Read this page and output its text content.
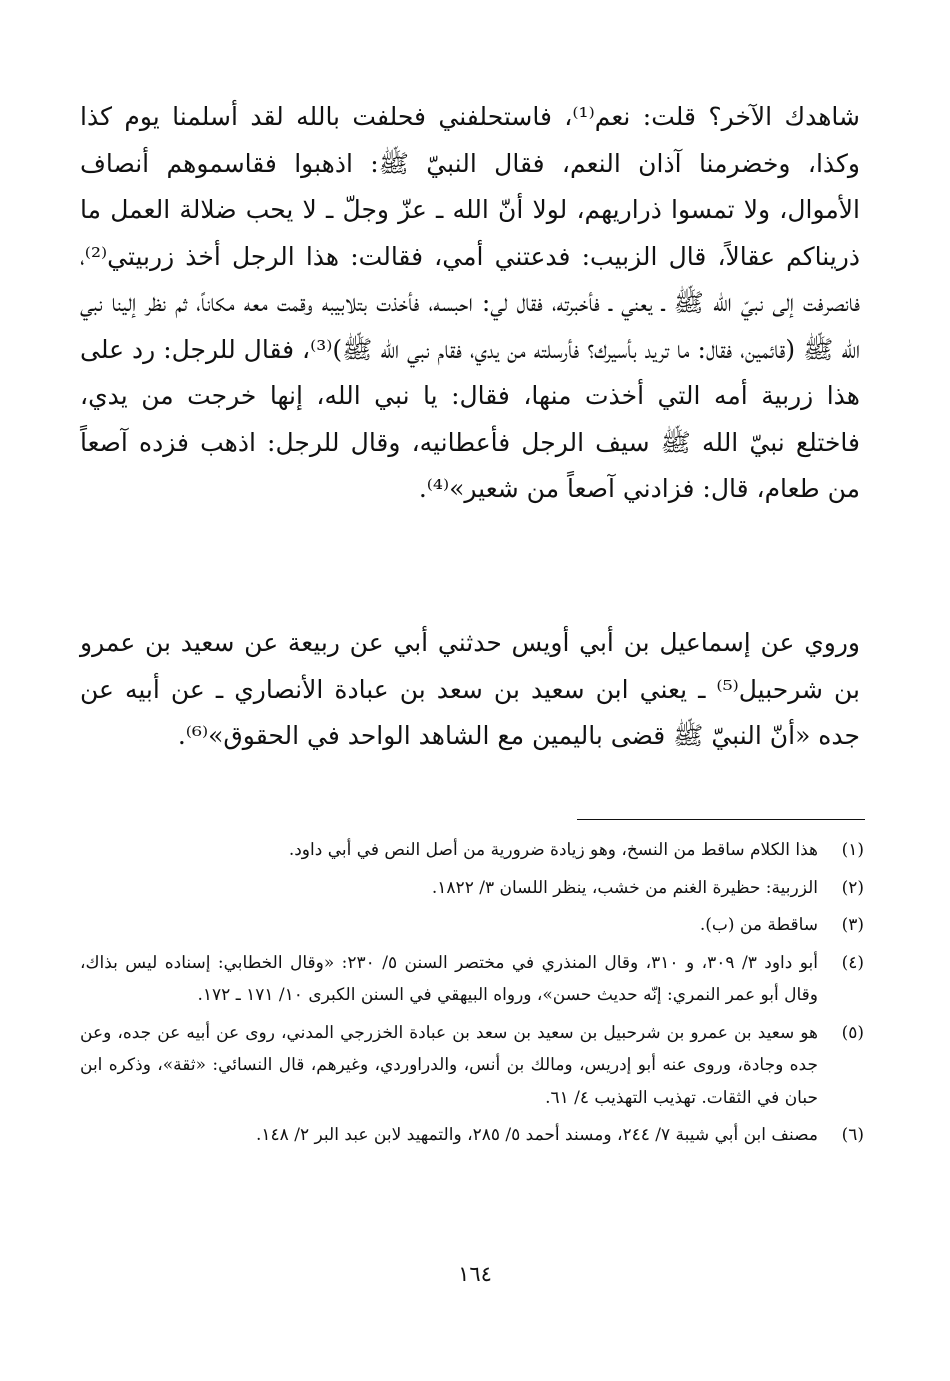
شاهدك الآخر؟ قلت: نعم⁽¹⁾، فاستحلفني فحلفت بالله لقد أسلمنا يوم كذا وكذا، وخضرمنا آذان النعم، فقال النبيّ ﷺ: اذهبوا فقاسموهم أنصاف الأموال، ولا تمسوا ذراريهم، لولا أنّ الله ـ عزّ وجلّ ـ لا يحب ضلالة العمل ما ذريناكم عقالاً، قال الزبيب: فدعتني أمي، فقالت: هذا الرجل أخذ زربيتي⁽²⁾، فانصرفت إلى نبيّ الله ﷺ ـ يعني ـ فأخبرته، فقال لي: احبسه، فأخذت بتلابيبه وقمت معه مكاناً، ثم نظر إلينا نبي الله ﷺ (قائمين، فقال: ما تريد بأسيرك؟ فأرسلته من يدي، فقام نبي الله ﷺ)⁽³⁾، فقال للرجل: رد على هذا زربية أمه التي أخذت منها، فقال: يا نبي الله، إنها خرجت من يدي، فاختلع نبيّ الله ﷺ سيف الرجل فأعطانيه، وقال للرجل: اذهب فزده آصعاً من طعام، قال: فزادني آصعاً من شعير»⁽⁴⁾.

وروي عن إسماعيل بن أبي أويس حدثني أبي عن ربيعة عن سعيد بن عمرو بن شرحبيل⁽⁵⁾ ـ يعني ابن سعيد بن سعد بن عبادة الأنصاري ـ عن أبيه عن جده «أنّ النبيّ ﷺ قضى باليمين مع الشاهد الواحد في الحقوق»⁽⁶⁾.

(١)
هذا الكلام ساقط من النسخ، وهو زيادة ضرورية من أصل النص في أبي داود.
(٢)
الزربية: حظيرة الغنم من خشب، ينظر اللسان ٣/ ١٨٢٢.
(٣)
ساقطة من (ب).
(٤)
أبو داود ٣/ ٣٠٩، و ٣١٠، وقال المنذري في مختصر السنن ٥/ ٢٣٠: «وقال الخطابي: إسناده ليس بذاك، وقال أبو عمر النمري: إنّه حديث حسن»، ورواه البيهقي في السنن الكبرى ١٠/ ١٧١ ـ ١٧٢.
(٥)
هو سعيد بن عمرو بن شرحبيل بن سعيد بن سعد بن عبادة الخزرجي المدني، روى عن أبيه عن جده، وعن جده وجادة، وروى عنه أبو إدريس، ومالك بن أنس، والدراوردي، وغيرهم، قال النسائي: «ثقة»، وذكره ابن حبان في الثقات. تهذيب التهذيب ٤/ ٦١.
(٦)
مصنف ابن أبي شيبة ٧/ ٢٤٤، ومسند أحمد ٥/ ٢٨٥، والتمهيد لابن عبد البر ٢/ ١٤٨.
١٦٤
